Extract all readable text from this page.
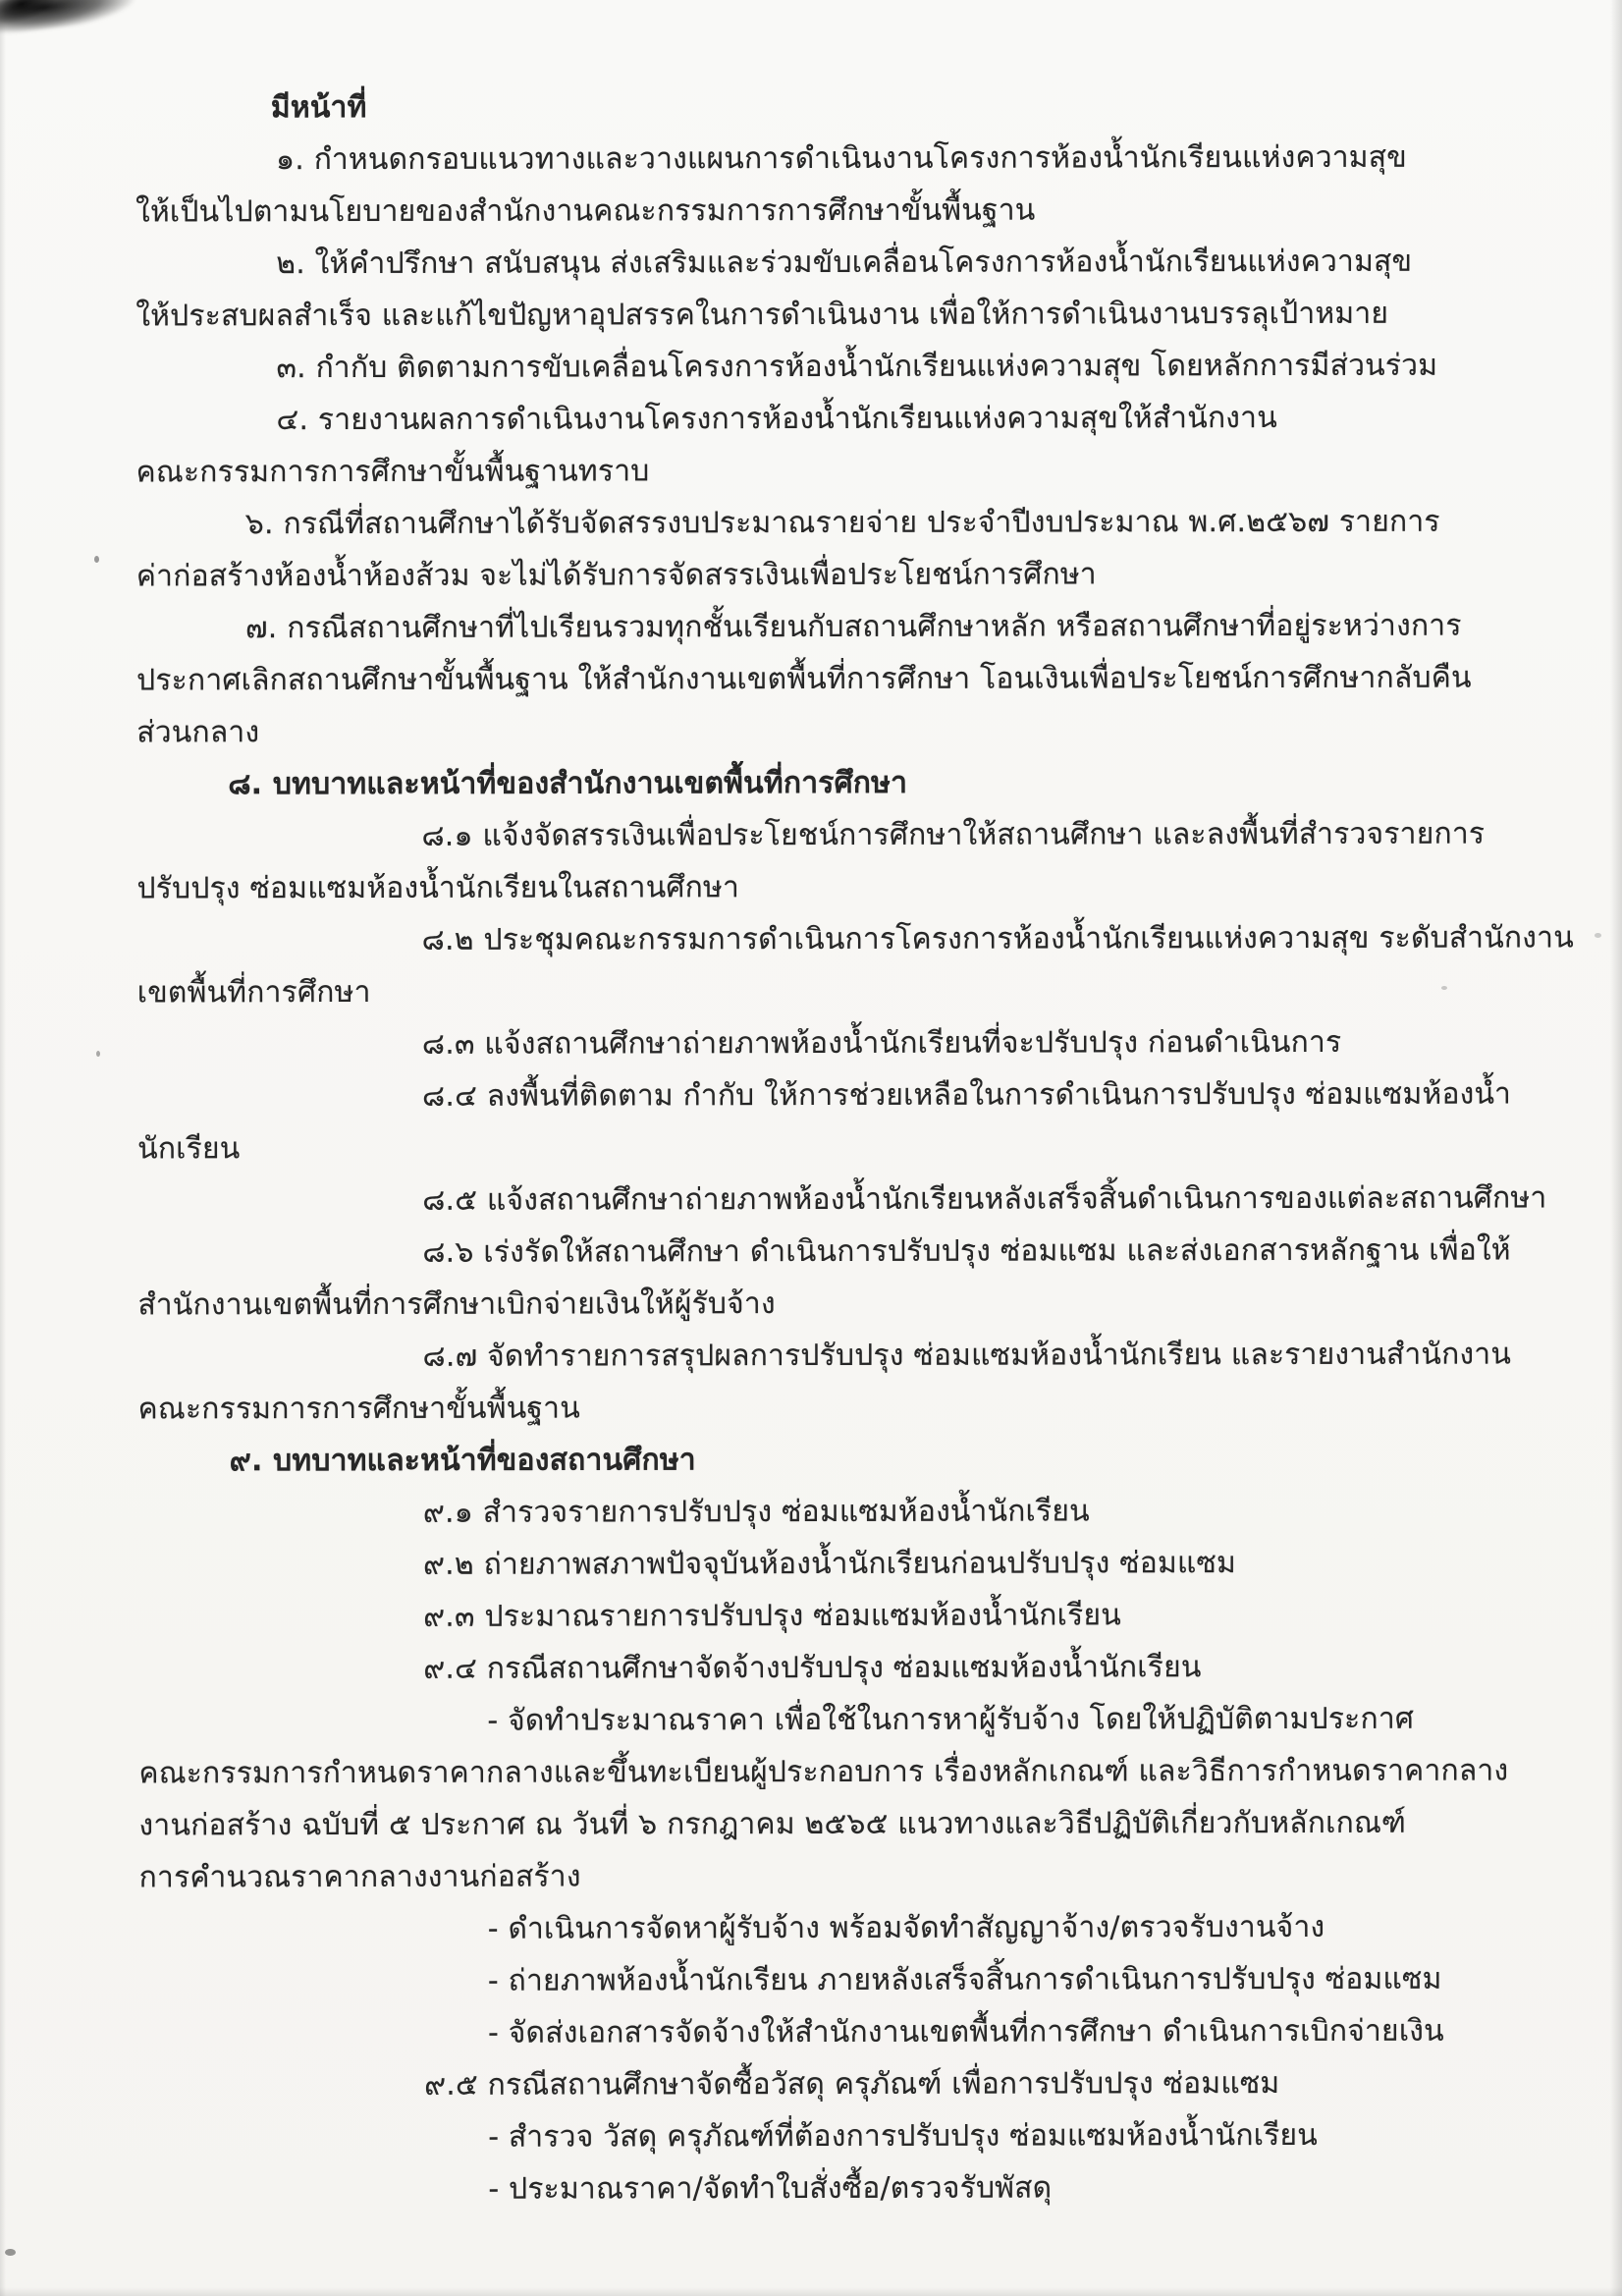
มีหน้าที่
๑. กำหนดกรอบแนวทางและวางแผนการดำเนินงานโครงการห้องน้ำนักเรียนแห่งความสุข
ให้เป็นไปตามนโยบายของสำนักงานคณะกรรมการการศึกษาขั้นพื้นฐาน
๒. ให้คำปรึกษา สนับสนุน ส่งเสริมและร่วมขับเคลื่อนโครงการห้องน้ำนักเรียนแห่งความสุข
ให้ประสบผลสำเร็จ และแก้ไขปัญหาอุปสรรคในการดำเนินงาน เพื่อให้การดำเนินงานบรรลุเป้าหมาย
๓. กำกับ ติดตามการขับเคลื่อนโครงการห้องน้ำนักเรียนแห่งความสุข โดยหลักการมีส่วนร่วม
๔. รายงานผลการดำเนินงานโครงการห้องน้ำนักเรียนแห่งความสุขให้สำนักงาน
คณะกรรมการการศึกษาขั้นพื้นฐานทราบ
๖. กรณีที่สถานศึกษาได้รับจัดสรรงบประมาณรายจ่าย ประจำปีงบประมาณ พ.ศ.๒๕๖๗ รายการ
ค่าก่อสร้างห้องน้ำห้องส้วม จะไม่ได้รับการจัดสรรเงินเพื่อประโยชน์การศึกษา
๗. กรณีสถานศึกษาที่ไปเรียนรวมทุกชั้นเรียนกับสถานศึกษาหลัก หรือสถานศึกษาที่อยู่ระหว่างการ
ประกาศเลิกสถานศึกษาขั้นพื้นฐาน ให้สำนักงานเขตพื้นที่การศึกษา โอนเงินเพื่อประโยชน์การศึกษากลับคืน
ส่วนกลาง
๘. บทบาทและหน้าที่ของสำนักงานเขตพื้นที่การศึกษา
๘.๑ แจ้งจัดสรรเงินเพื่อประโยชน์การศึกษาให้สถานศึกษา และลงพื้นที่สำรวจรายการ
ปรับปรุง ซ่อมแซมห้องน้ำนักเรียนในสถานศึกษา
๘.๒ ประชุมคณะกรรมการดำเนินการโครงการห้องน้ำนักเรียนแห่งความสุข ระดับสำนักงาน
เขตพื้นที่การศึกษา
๘.๓ แจ้งสถานศึกษาถ่ายภาพห้องน้ำนักเรียนที่จะปรับปรุง ก่อนดำเนินการ
๘.๔ ลงพื้นที่ติดตาม กำกับ ให้การช่วยเหลือในการดำเนินการปรับปรุง ซ่อมแซมห้องน้ำ
นักเรียน
๘.๕ แจ้งสถานศึกษาถ่ายภาพห้องน้ำนักเรียนหลังเสร็จสิ้นดำเนินการของแต่ละสถานศึกษา
๘.๖ เร่งรัดให้สถานศึกษา ดำเนินการปรับปรุง ซ่อมแซม และส่งเอกสารหลักฐาน เพื่อให้
สำนักงานเขตพื้นที่การศึกษาเบิกจ่ายเงินให้ผู้รับจ้าง
๘.๗ จัดทำรายการสรุปผลการปรับปรุง ซ่อมแซมห้องน้ำนักเรียน และรายงานสำนักงาน
คณะกรรมการการศึกษาขั้นพื้นฐาน
๙. บทบาทและหน้าที่ของสถานศึกษา
๙.๑ สำรวจรายการปรับปรุง ซ่อมแซมห้องน้ำนักเรียน
๙.๒ ถ่ายภาพสภาพปัจจุบันห้องน้ำนักเรียนก่อนปรับปรุง ซ่อมแซม
๙.๓ ประมาณรายการปรับปรุง ซ่อมแซมห้องน้ำนักเรียน
๙.๔ กรณีสถานศึกษาจัดจ้างปรับปรุง ซ่อมแซมห้องน้ำนักเรียน
- จัดทำประมาณราคา เพื่อใช้ในการหาผู้รับจ้าง โดยให้ปฏิบัติตามประกาศ
คณะกรรมการกำหนดราคากลางและขึ้นทะเบียนผู้ประกอบการ เรื่องหลักเกณฑ์ และวิธีการกำหนดราคากลาง
งานก่อสร้าง ฉบับที่ ๕ ประกาศ ณ วันที่ ๖ กรกฎาคม ๒๕๖๕ แนวทางและวิธีปฏิบัติเกี่ยวกับหลักเกณฑ์
การคำนวณราคากลางงานก่อสร้าง
- ดำเนินการจัดหาผู้รับจ้าง พร้อมจัดทำสัญญาจ้าง/ตรวจรับงานจ้าง
- ถ่ายภาพห้องน้ำนักเรียน ภายหลังเสร็จสิ้นการดำเนินการปรับปรุง ซ่อมแซม
- จัดส่งเอกสารจัดจ้างให้สำนักงานเขตพื้นที่การศึกษา ดำเนินการเบิกจ่ายเงิน
๙.๕ กรณีสถานศึกษาจัดซื้อวัสดุ ครุภัณฑ์ เพื่อการปรับปรุง ซ่อมแซม
- สำรวจ วัสดุ ครุภัณฑ์ที่ต้องการปรับปรุง ซ่อมแซมห้องน้ำนักเรียน
- ประมาณราคา/จัดทำใบสั่งซื้อ/ตรวจรับพัสดุ
